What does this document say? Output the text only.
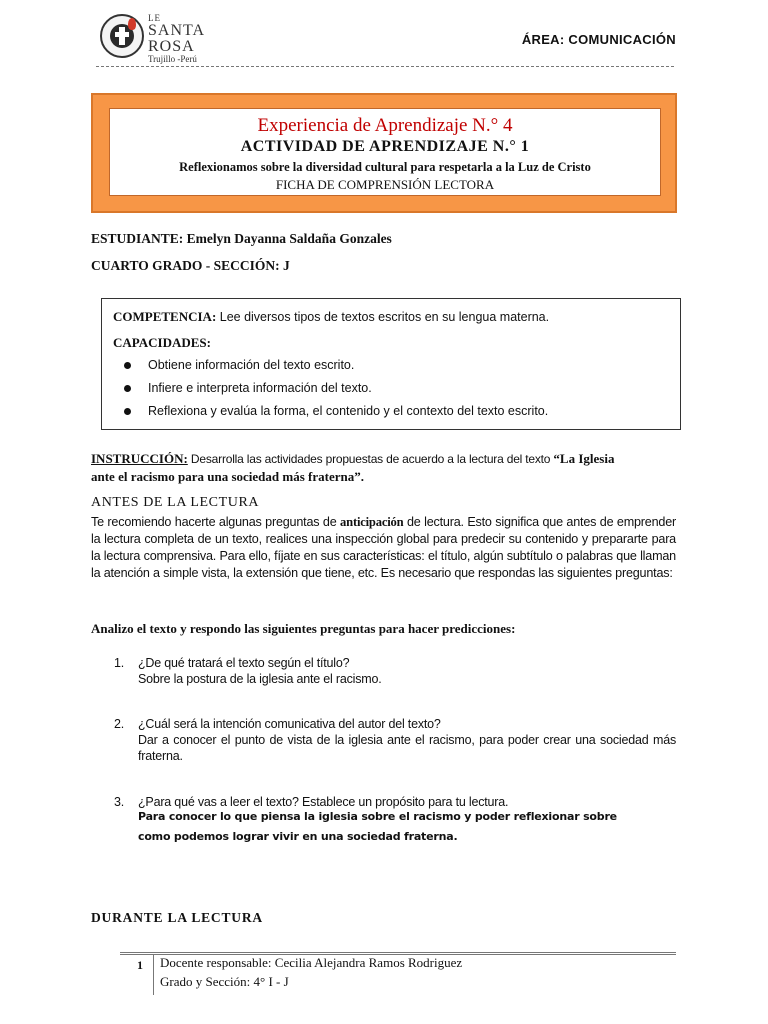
LE
SANTA
ROSA
Trujillo -Perú
ÁREA: COMUNICACIÓN
Experiencia de Aprendizaje N.° 4
ACTIVIDAD DE APRENDIZAJE N.° 1
Reflexionamos sobre la diversidad cultural para respetarla a la Luz de Cristo
FICHA DE COMPRENSIÓN LECTORA
ESTUDIANTE: Emelyn Dayanna Saldaña Gonzales
CUARTO GRADO - SECCIÓN: J
COMPETENCIA: Lee diversos tipos de textos escritos en su lengua materna.
CAPACIDADES:
Obtiene información del texto escrito.
Infiere e interpreta información del texto.
Reflexiona y evalúa la forma, el contenido y el contexto del texto escrito.
INSTRUCCIÓN: Desarrolla las actividades propuestas de acuerdo a la lectura del texto “La Iglesia
ante el racismo para una sociedad más fraterna”.
ANTES DE LA LECTURA
Te recomiendo hacerte algunas preguntas de anticipación de lectura. Esto significa que antes de emprender la lectura completa de un texto, realices una inspección global para predecir su contenido y prepararte para la lectura comprensiva. Para ello, fíjate en sus características: el título, algún subtítulo o palabras que llaman la atención a simple vista, la extensión que tiene, etc. Es necesario que respondas las siguientes preguntas:
Analizo el texto y respondo las siguientes preguntas para hacer predicciones:
1. ¿De qué tratará el texto según el título?
Sobre la postura de la iglesia ante el racismo.
2. ¿Cuál será la intención comunicativa del autor del texto?
Dar a conocer el punto de vista de la iglesia ante el racismo, para poder crear una sociedad más fraterna.
3. ¿Para qué vas a leer el texto? Establece un propósito para tu lectura.
Para conocer lo que piensa la iglesia sobre el racismo y poder reflexionar sobre como podemos lograr vivir en una sociedad fraterna.
DURANTE LA LECTURA
1 Docente responsable: Cecilia Alejandra Ramos Rodriguez
Grado y Sección: 4° I - J
